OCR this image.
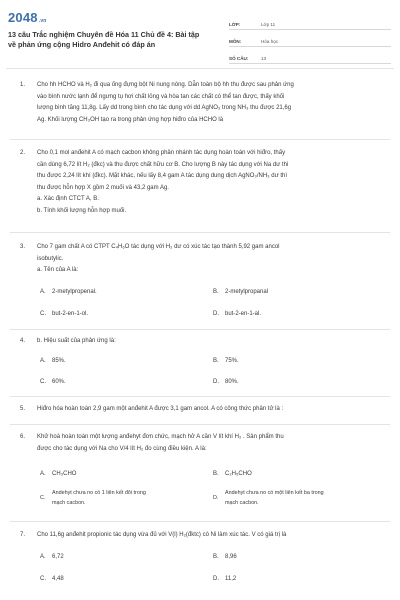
2048.vn
13 câu Trắc nghiệm Chuyên đề Hóa 11 Chủ đề 4: Bài tập
về phản ứng cộng Hidro Anđehit có đáp án
LỚP:	Lớp 11
MÔN:	Hóa học
SỐ CÂU:	13
1.	Cho hh HCHO và H₂ đi qua ống đựng bột Ni nung nóng. Dẫn toàn bộ hh thu được sau phản ứng
vào bình nước lạnh để ngưng tụ hơi chất lỏng và hòa tan các chất có thể tan được, thấy khối
lượng bình tăng 11,8g. Lấy dd trong bình cho tác dụng với dd AgNO₃ trong NH₃ thu được 21,6g
Ag. Khối lượng CH₃OH tạo ra trong phản ứng hợp hiđro của HCHO là
2.	Cho 0,1 mol anđehit A có mạch cacbon không phân nhánh tác dụng hoàn toàn với hiđro, thấy
cần dùng 6,72 lít H₂ (đkc) và thu được chất hữu cơ B. Cho lượng B này tác dụng với Na dư thì
thu được 2,24 lít khí (đkc). Mặt khác, nếu lấy 8,4 gam A tác dụng dung dịch AgNO₃/NH₃ dư thì
thu được hỗn hợp X gồm 2 muối và 43,2 gam Ag.
a. Xác định CTCT A, B.
b. Tính khối lượng hỗn hợp muối.
3.	Cho 7 gam chất A có CTPT C₄H₆O tác dụng với H₂ dư có xúc tác tạo thành 5,92 gam ancol
isobutylic.
a. Tên của A là:
A. 2-metylpropenal.	B. 2-metylpropanal
C. but-2-en-1-ol.	D. but-2-en-1-al.
4.	b. Hiệu suất của phản ứng là:
A. 85%.	B. 75%.
C. 60%.	D. 80%.
5.	Hiđro hóa hoàn toàn 2,9 gam một anđehit A được 3,1 gam ancol. A có công thức phân tử là :
6.	Khử hoá hoàn toàn một lượng anđehyt đơn chức, mạch hở A cần V lít khí H₂ . Sản phẩm thu
được cho tác dụng với Na cho V/4 lít H₂ đo cùng điều kiện. A là:
A. CH₃CHO	B. C₂H₅CHO
C.
Andehyt chưa no có 1 liên kết đôi trong
mạch cacbon.
D.
Andehyt chưa no có một liên kết ba trong
mạch cacbon.
7.	Cho 11,6g anđehit propionic tác dụng vừa đủ với V(l) H₂(đktc) có Ni làm xúc tác. V có giá trị là
A. 6,72	B. 8,96
C. 4,48	D. 11,2
